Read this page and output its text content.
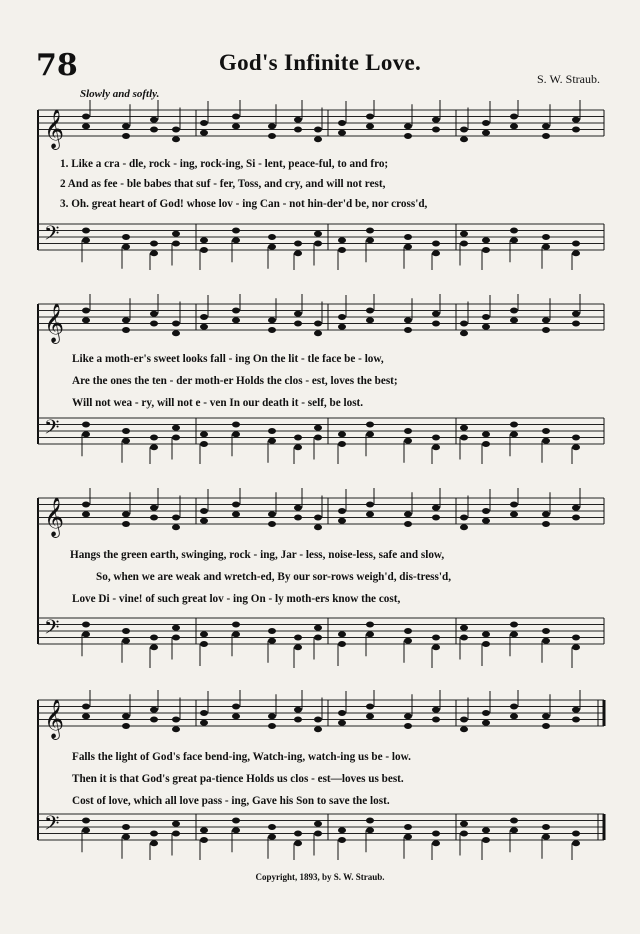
78	God's Infinite Love.
S. W. Straub.
Slowly and softly.
𝄞
𝄢
1. Like a cra - dle, rock - ing, rock-ing, Si - lent, peace-ful, to and fro;
2 And as fee - ble babes that suf - fer, Toss, and cry, and will not rest,
3. Oh. great heart of God! whose lov - ing Can - not hin-der'd be, nor cross'd,
𝄞
𝄢
Like a moth-er's sweet looks fall - ing On the lit - tle face be - low,
Are the ones the ten - der moth-er Holds the clos - est, loves the best;
Will not wea - ry, will not e - ven In our death it - self, be lost.
𝄞
𝄢
Hangs the green earth, swinging, rock - ing, Jar - less, noise-less, safe and slow,
So, when we are weak and wretch-ed, By our sor-rows weigh'd, dis-tress'd,
Love Di - vine! of such great lov - ing On - ly moth-ers know the cost,
𝄞
𝄢
Falls the light of God's face bend-ing, Watch-ing, watch-ing us be - low.
Then it is that God's great pa-tience Holds us clos - est—loves us best.
Cost of love, which all love pass - ing, Gave his Son to save the lost.
Copyright, 1893, by S. W. Straub.
